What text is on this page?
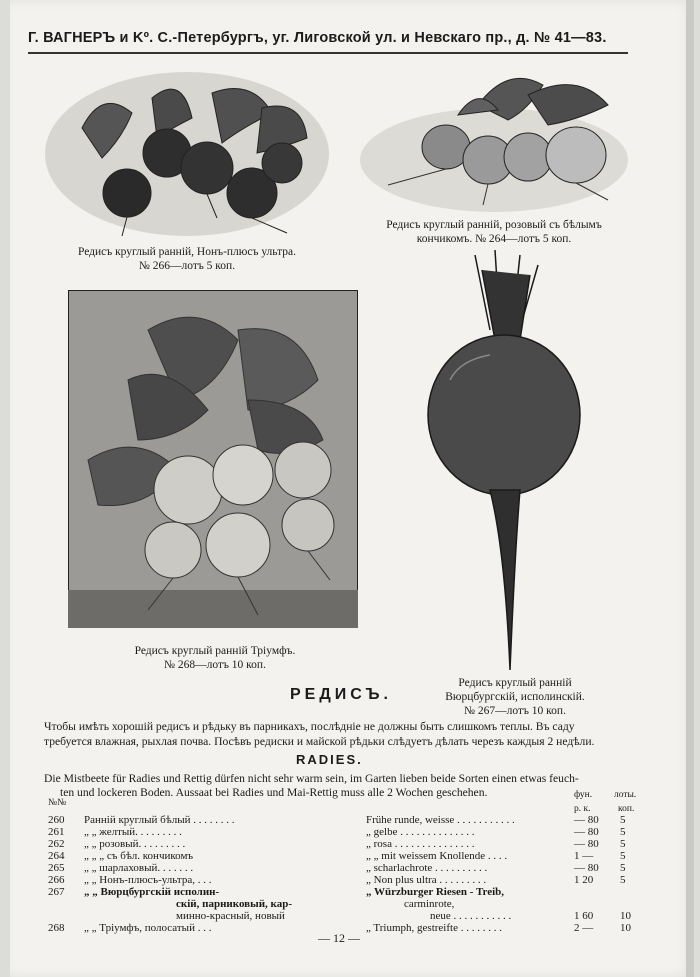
Г. ВАГНЕРЪ и Kº. С.-Петербургъ, уг. Лиговской ул. и Невскаго пр., д. № 41—83.
Редисъ круглый ранній, Нонъ-плюсъ ультра.
№ 266—лотъ 5 коп.
Редисъ круглый ранній, розовый съ бѣлымъ
кончикомъ. № 264—лотъ 5 коп.
Редисъ круглый ранній Тріумфъ.
№ 268—лотъ 10 коп.
Редисъ круглый ранній
Вюрцбургскій, исполинскій.
№ 267—лотъ 10 коп.
РЕДИСЪ.
Чтобы имѣть хорошій редисъ и рѣдьку въ парникахъ, послѣдніе не должны быть слишкомъ теплы. Въ саду
требуется влажная, рыхлая почва. Посѣвъ редиски и майской рѣдьки слѣдуетъ дѣлать черезъ каждыя 2 недѣли.
RADIES.
Die Mistbeete für Radies und Rettig dürfen nicht sehr warm sein, im Garten lieben beide Sorten einen etwas feuch-
ten und lockeren Boden. Aussaat bei Radies und Mai-Rettig muss alle 2 Wochen geschehen.
№№
фун. лоты.
р. к.	коп.
260 Ранній круглый бѣлый . . . . . . . .	Frühe runde, weisse . . . . . . . . . . .	— 80 5
261 „ „ желтый. . . . . . . . .	„ gelbe . . . . . . . . . . . . . .	— 80 5
262 „ „ розовый. . . . . . . . .	„ rosa . . . . . . . . . . . . . . .	— 80 5
264 „ „ „ съ бѣл. кончикомъ	„ „ mit weissem Knollende . . . .	1 — 5
265 „ „ шарлаховый. . . . . . .	„ scharlachrote . . . . . . . . . .	— 80 5
266 „ „ Нонъ-плюсъ-ультра, . . .	„ Non plus ultra . . . . . . . . .	1 20 5
267 „ „ Вюрцбургскій исполин-	„ Würzburger Riesen - Treib,
скій, парниковый, кар-	carminrote,
минно-красный, новый	neue . . . . . . . . . . .	1 60 10
268 „ „ Тріумфъ, полосатый . . .	„ Triumph, gestreifte . . . . . . . .	2 — 10
— 12 —
